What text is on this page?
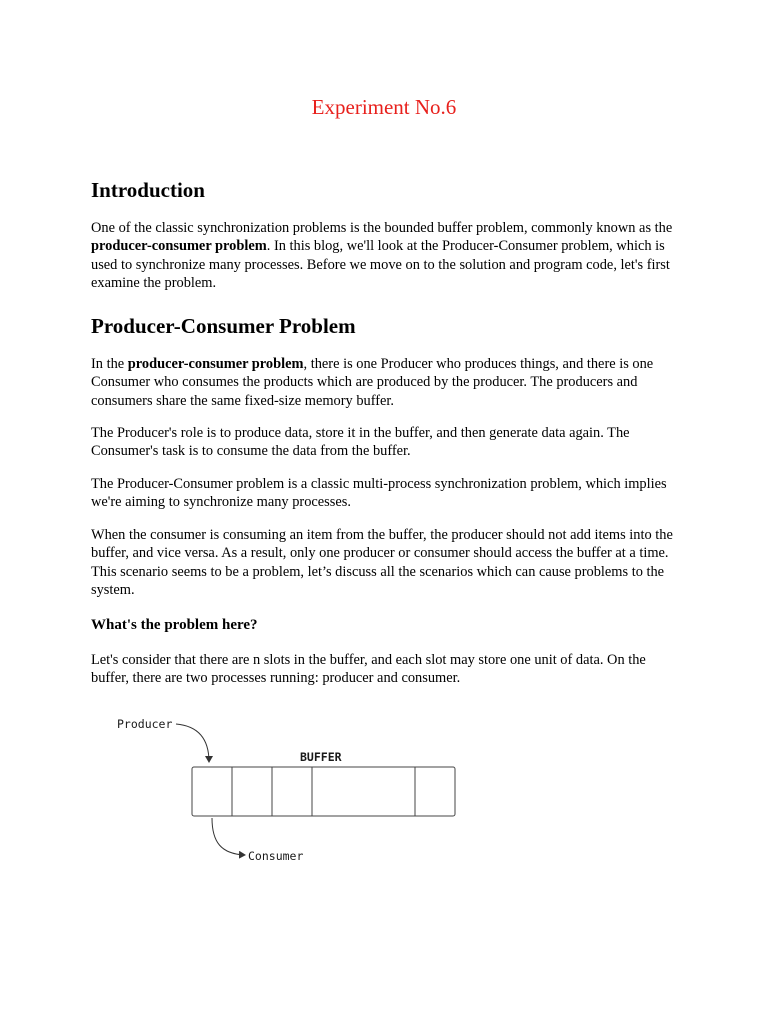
Experiment No.6
Introduction

One of the classic synchronization problems is the bounded buffer problem, commonly known as the producer-consumer problem. In this blog, we'll look at the Producer-Consumer problem, which is used to synchronize many processes. Before we move on to the solution and program code, let's first examine the problem.

Producer-Consumer Problem

In the producer-consumer problem, there is one Producer who produces things, and there is one Consumer who consumes the products which are produced by the producer. The producers and consumers share the same fixed-size memory buffer.

The Producer's role is to produce data, store it in the buffer, and then generate data again. The Consumer's task is to consume the data from the buffer.

The Producer-Consumer problem is a classic multi-process synchronization problem, which implies we're aiming to synchronize many processes.

When the consumer is consuming an item from the buffer, the producer should not add items into the buffer, and vice versa. As a result, only one producer or consumer should access the buffer at a time. This scenario seems to be a problem, let’s discuss all the scenarios which can cause problems to the system.

What's the problem here?

Let's consider that there are n slots in the buffer, and each slot may store one unit of data. On the buffer, there are two processes running: producer and consumer.

Producer
BUFFER
Consumer
